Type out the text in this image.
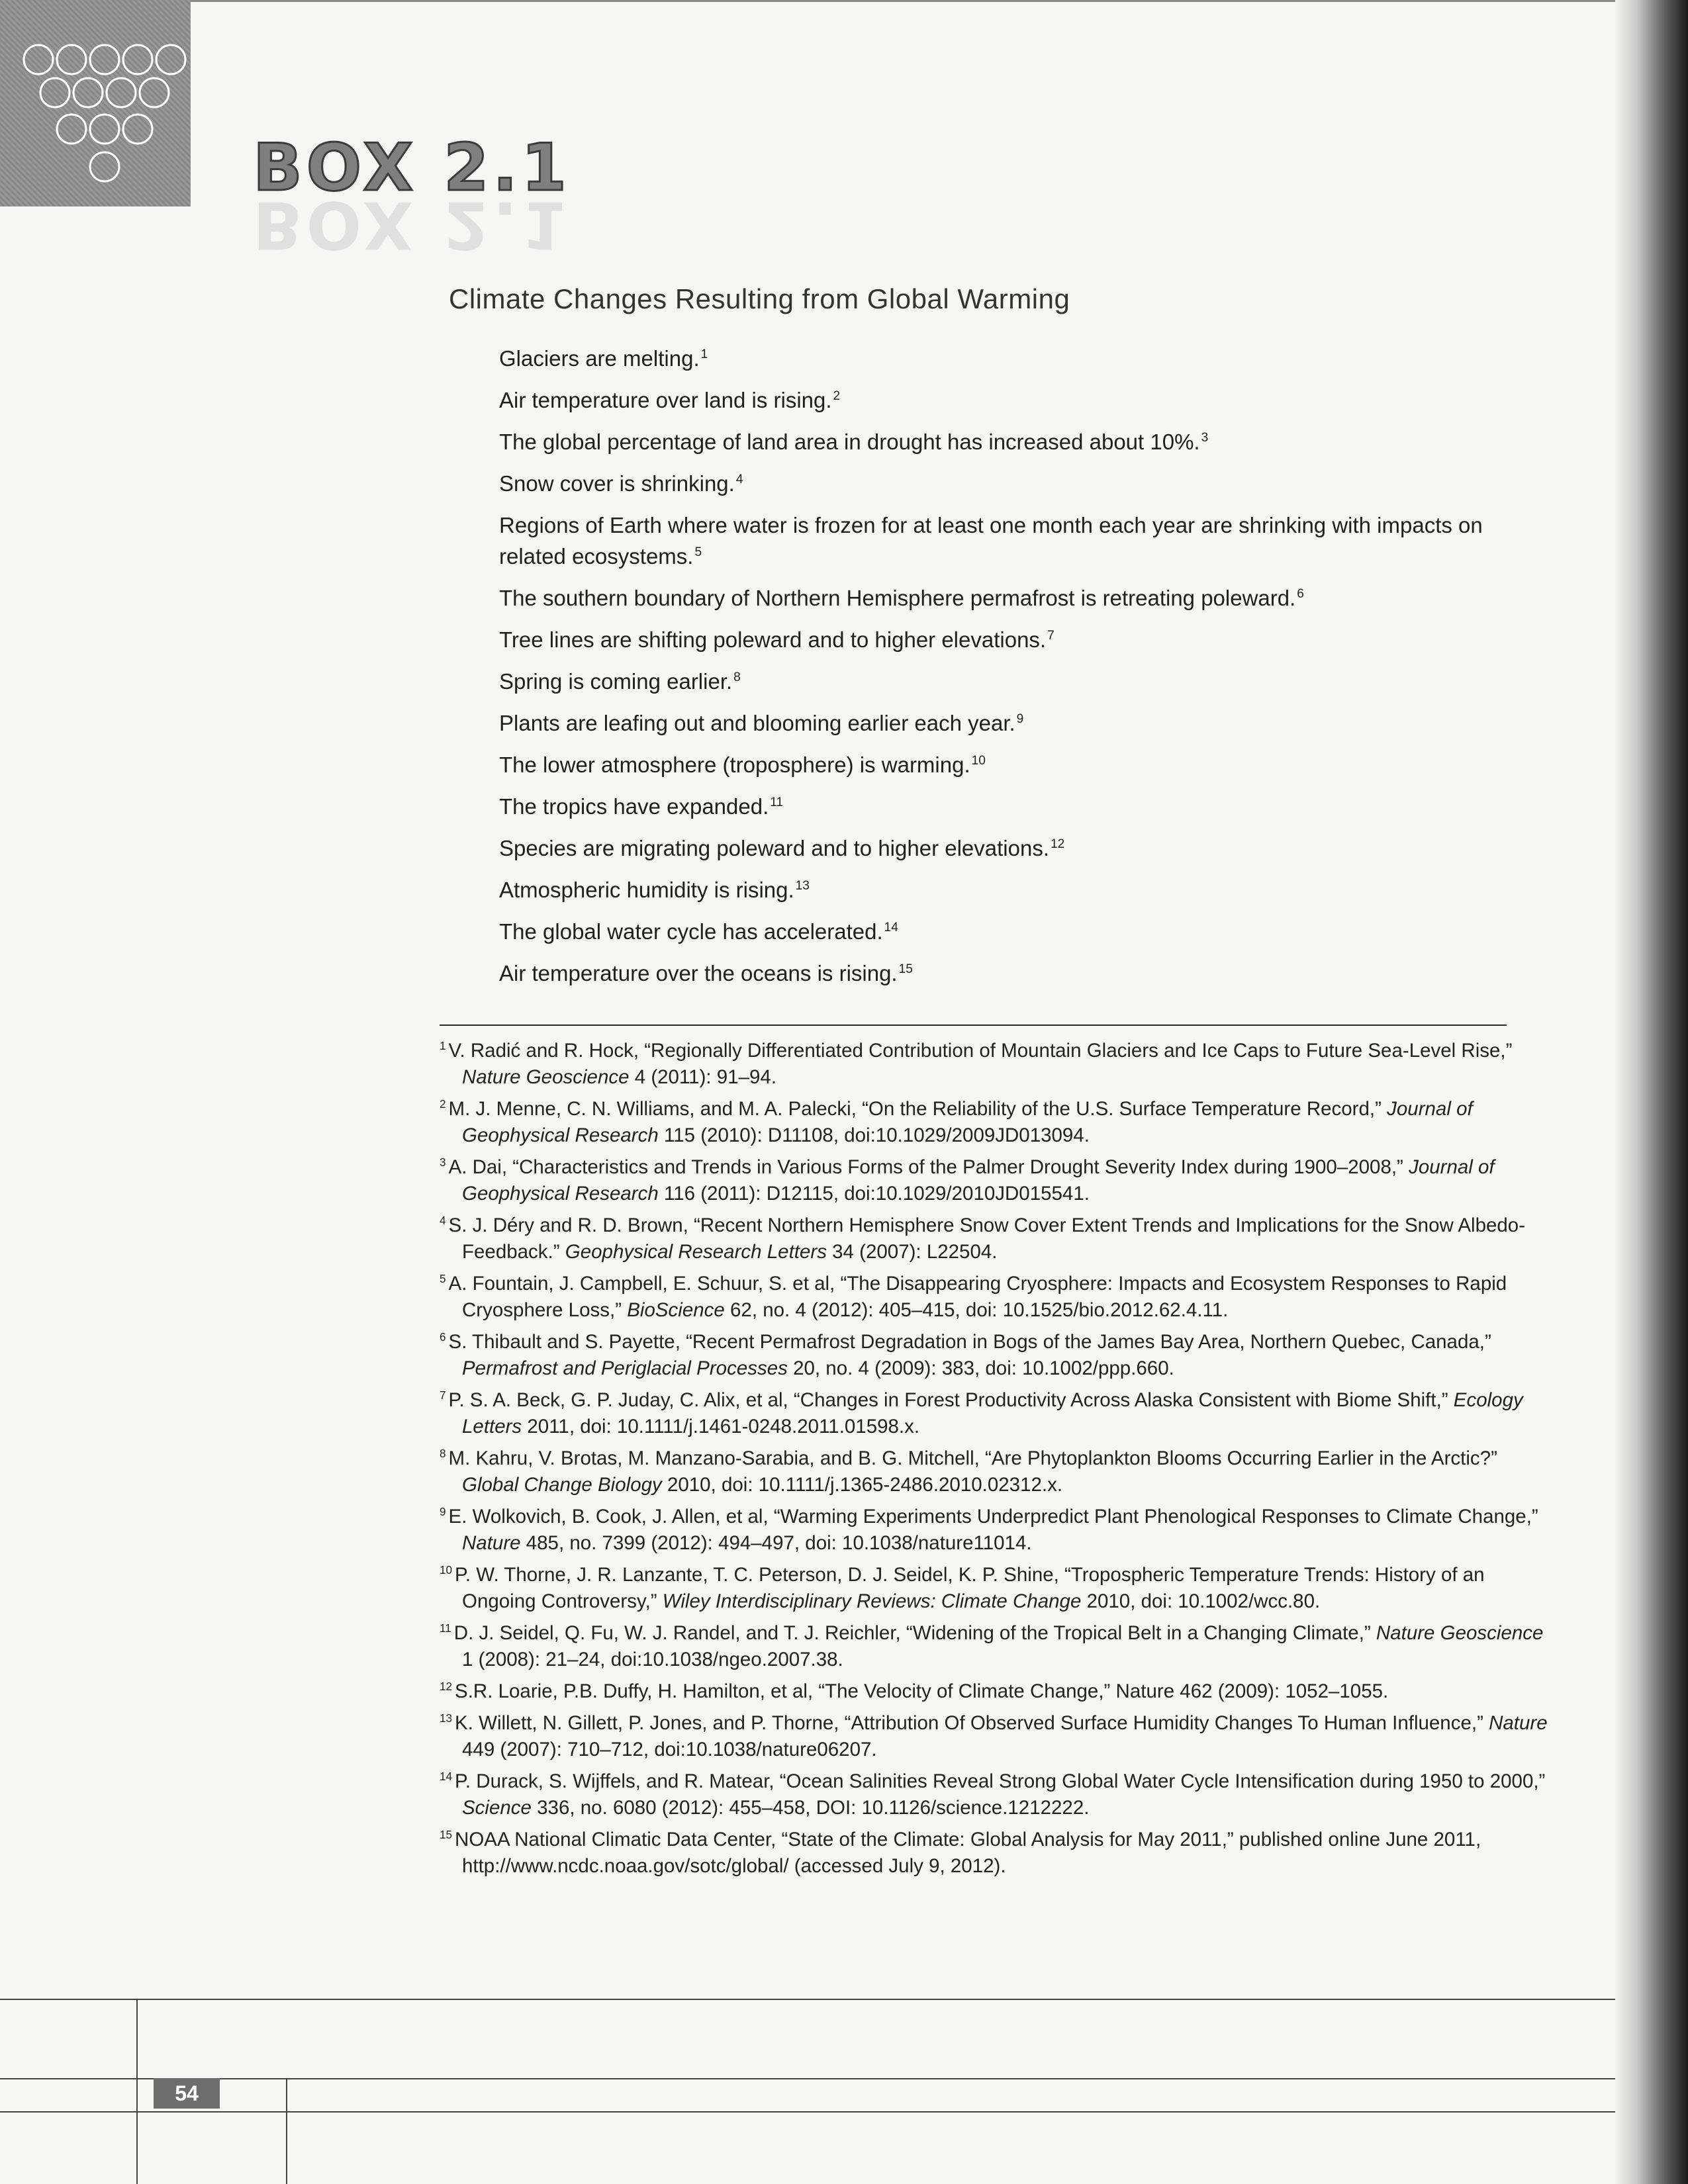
BOX 2.1
BOX 2.1
Climate Changes Resulting from Global Warming
Glaciers are melting. $^1$
Air temperature over land is rising. $^2$
The global percentage of land area in drought has increased about 10%. $^3$
Snow cover is shrinking. $^4$
Regions of Earth where water is frozen for at least one month each year are shrinking with impacts on related ecosystems. $^5$
The southern boundary of Northern Hemisphere permafrost is retreating poleward. $^6$
Tree lines are shifting poleward and to higher elevations. $^7$
Spring is coming earlier. $^8$
Plants are leafing out and blooming earlier each year. $^9$
The lower atmosphere (troposphere) is warming. $^{10}$
The tropics have expanded. $^{11}$
Species are migrating poleward and to higher elevations. $^{12}$
Atmospheric humidity is rising. $^{13}$
The global water cycle has accelerated. $^{14}$
Air temperature over the oceans is rising. $^{15}$
$^1$ V. Radić and R. Hock, “Regionally Differentiated Contribution of Mountain Glaciers and Ice Caps to Future Sea-Level Rise,” Nature Geoscience 4 (2011): 91–94.
$^2$ M. J. Menne, C. N. Williams, and M. A. Palecki, “On the Reliability of the U.S. Surface Temperature Record,” Journal of Geophysical Research 115 (2010): D11108, doi:10.1029/2009JD013094.
$^3$ A. Dai, “Characteristics and Trends in Various Forms of the Palmer Drought Severity Index during 1900–2008,” Journal of Geophysical Research 116 (2011): D12115, doi:10.1029/2010JD015541.
$^4$ S. J. Déry and R. D. Brown, “Recent Northern Hemisphere Snow Cover Extent Trends and Implications for the Snow Albedo-Feedback.” Geophysical Research Letters 34 (2007): L22504.
$^5$ A. Fountain, J. Campbell, E. Schuur, S. et al, “The Disappearing Cryosphere: Impacts and Ecosystem Responses to Rapid Cryosphere Loss,” BioScience 62, no. 4 (2012): 405–415, doi: 10.1525/bio.2012.62.4.11.
$^6$ S. Thibault and S. Payette, “Recent Permafrost Degradation in Bogs of the James Bay Area, Northern Quebec, Canada,” Permafrost and Periglacial Processes 20, no. 4 (2009): 383, doi: 10.1002/ppp.660.
$^7$ P. S. A. Beck, G. P. Juday, C. Alix, et al, “Changes in Forest Productivity Across Alaska Consistent with Biome Shift,” Ecology Letters 2011, doi: 10.1111/j.1461-0248.2011.01598.x.
$^8$ M. Kahru, V. Brotas, M. Manzano-Sarabia, and B. G. Mitchell, “Are Phytoplankton Blooms Occurring Earlier in the Arctic?” Global Change Biology 2010, doi: 10.1111/j.1365-2486.2010.02312.x.
$^9$ E. Wolkovich, B. Cook, J. Allen, et al, “Warming Experiments Underpredict Plant Phenological Responses to Climate Change,” Nature 485, no. 7399 (2012): 494–497, doi: 10.1038/nature11014.
$^{10}$ P. W. Thorne, J. R. Lanzante, T. C. Peterson, D. J. Seidel, K. P. Shine, “Tropospheric Temperature Trends: History of an Ongoing Controversy,” Wiley Interdisciplinary Reviews: Climate Change 2010, doi: 10.1002/wcc.80.
$^{11}$ D. J. Seidel, Q. Fu, W. J. Randel, and T. J. Reichler, “Widening of the Tropical Belt in a Changing Climate,” Nature Geoscience 1 (2008): 21–24, doi:10.1038/ngeo.2007.38.
$^{12}$ S.R. Loarie, P.B. Duffy, H. Hamilton, et al, “The Velocity of Climate Change,” Nature 462 (2009): 1052–1055.
$^{13}$ K. Willett, N. Gillett, P. Jones, and P. Thorne, “Attribution Of Observed Surface Humidity Changes To Human Influence,” Nature 449 (2007): 710–712, doi:10.1038/nature06207.
$^{14}$ P. Durack, S. Wijffels, and R. Matear, “Ocean Salinities Reveal Strong Global Water Cycle Intensification during 1950 to 2000,” Science 336, no. 6080 (2012): 455–458, DOI: 10.1126/science.1212222.
$^{15}$ NOAA National Climatic Data Center, “State of the Climate: Global Analysis for May 2011,” published online June 2011, http://www.ncdc.noaa.gov/sotc/global/ (accessed July 9, 2012).
54
